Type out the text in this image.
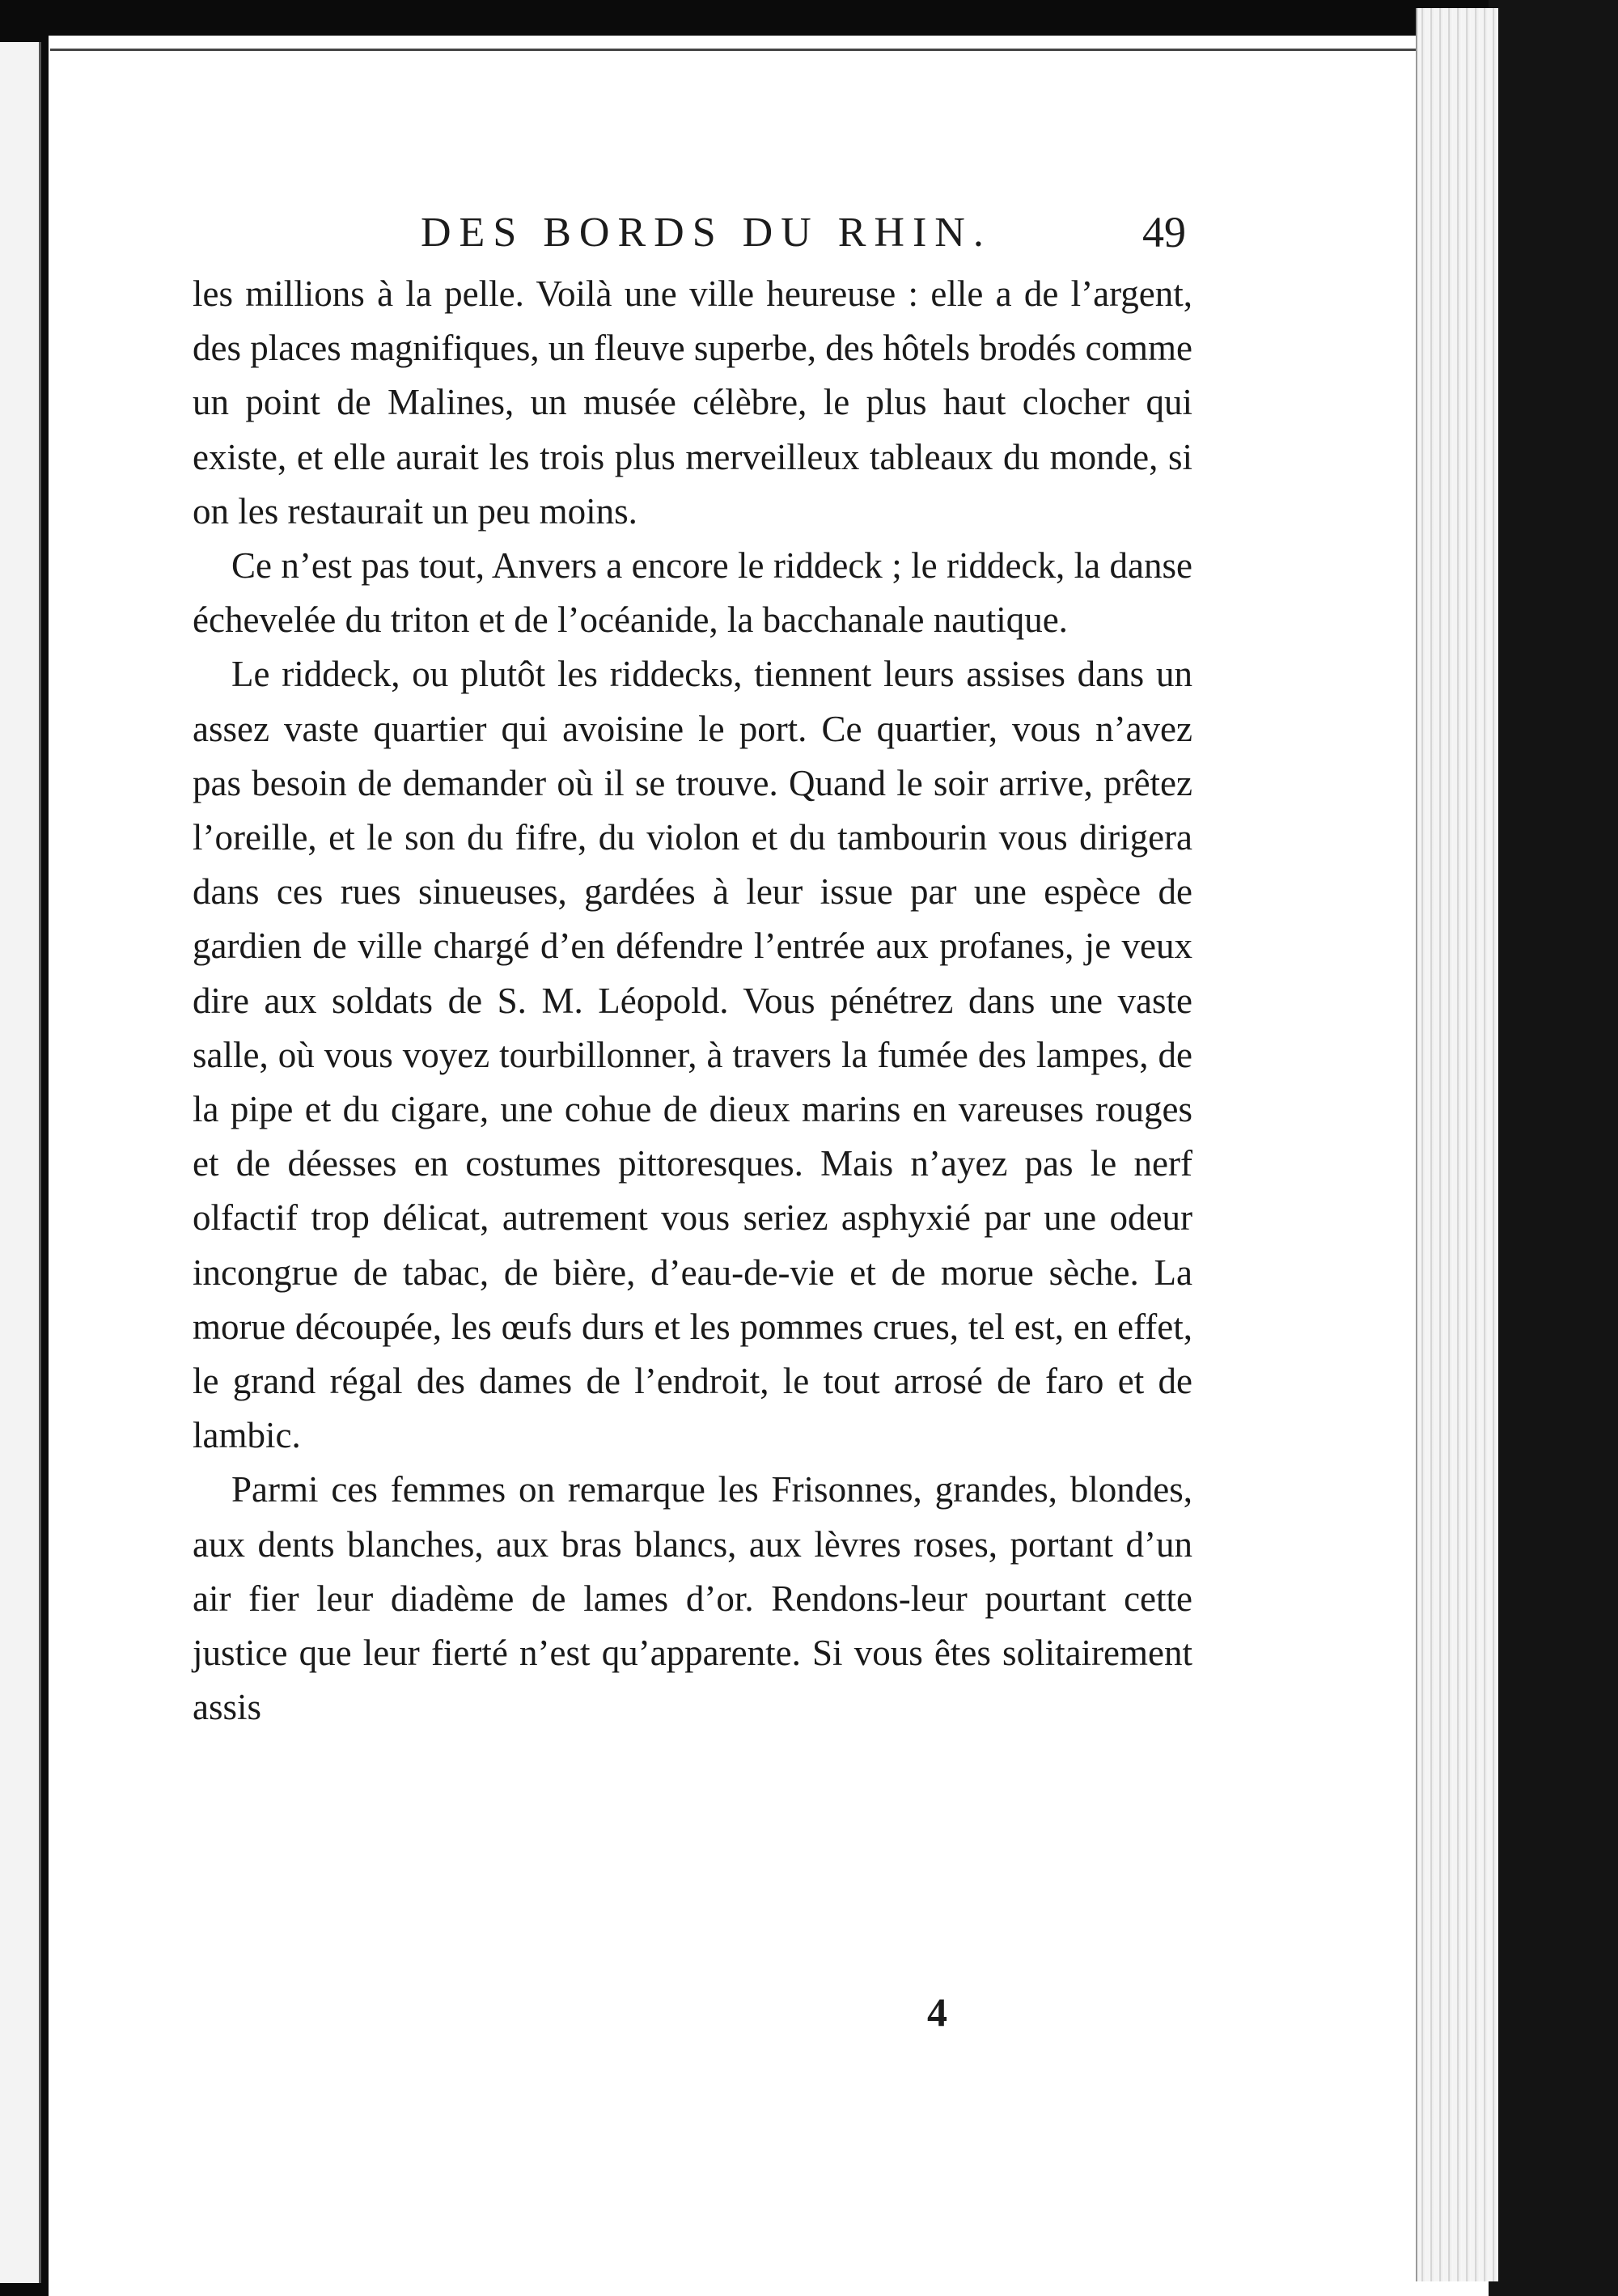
DES BORDS DU RHIN.	49

les millions à la pelle. Voilà une ville heureuse : elle a de l’argent, des places magnifiques, un fleuve superbe, des hôtels brodés comme un point de Malines, un musée célèbre, le plus haut clocher qui existe, et elle aurait les trois plus merveilleux tableaux du monde, si on les restaurait un peu moins.

Ce n’est pas tout, Anvers a encore le riddeck ; le riddeck, la danse échevelée du triton et de l’océanide, la bacchanale nautique.

Le riddeck, ou plutôt les riddecks, tiennent leurs assises dans un assez vaste quartier qui avoisine le port. Ce quartier, vous n’avez pas besoin de demander où il se trouve. Quand le soir arrive, prêtez l’oreille, et le son du fifre, du violon et du tambourin vous dirigera dans ces rues sinueuses, gardées à leur issue par une espèce de gardien de ville chargé d’en défendre l’entrée aux profanes, je veux dire aux soldats de S. M. Léopold. Vous pénétrez dans une vaste salle, où vous voyez tourbillonner, à travers la fumée des lampes, de la pipe et du cigare, une cohue de dieux marins en vareuses rouges et de déesses en costumes pittoresques. Mais n’ayez pas le nerf olfactif trop délicat, autrement vous seriez asphyxié par une odeur incongrue de tabac, de bière, d’eau-de-vie et de morue sèche. La morue découpée, les œufs durs et les pommes crues, tel est, en effet, le grand régal des dames de l’endroit, le tout arrosé de faro et de lambic.

Parmi ces femmes on remarque les Frisonnes, grandes, blondes, aux dents blanches, aux bras blancs, aux lèvres roses, portant d’un air fier leur diadème de lames d’or. Rendons-leur pourtant cette justice que leur fierté n’est qu’apparente. Si vous êtes solitairement assis

4
